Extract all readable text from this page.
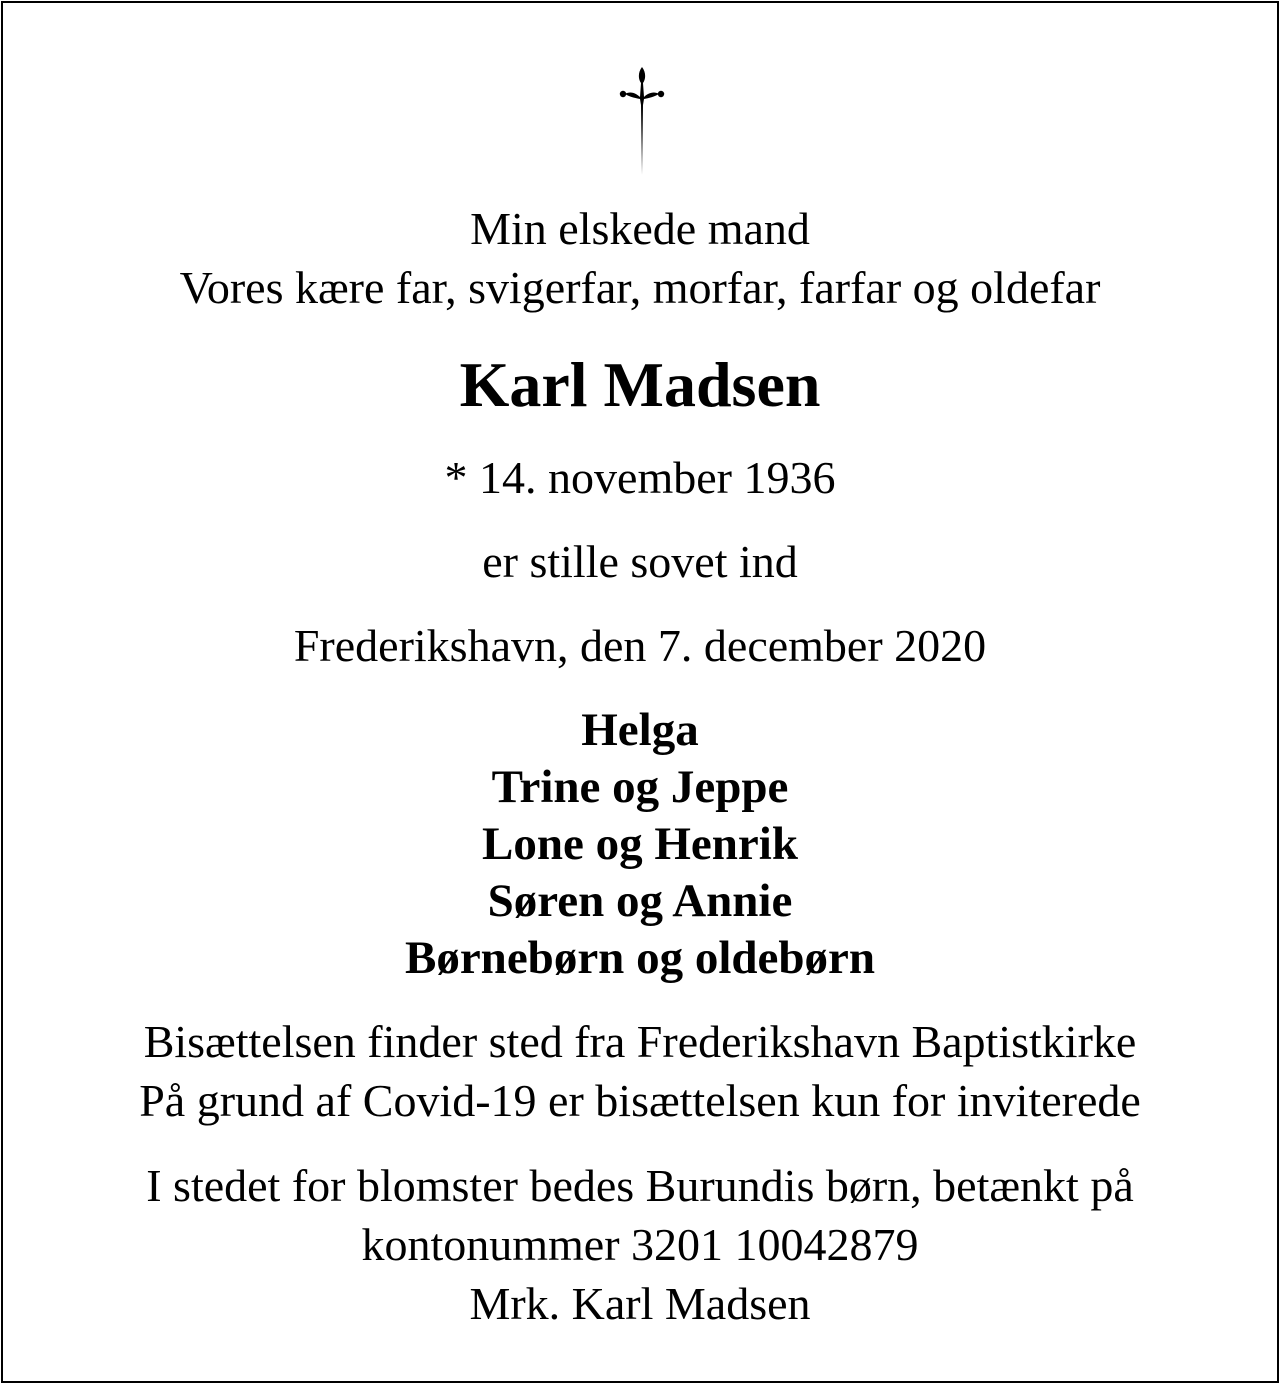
Min elskede mand
Vores kære far, svigerfar, morfar, farfar og oldefar
Karl Madsen
* 14. november 1936
er stille sovet ind
Frederikshavn, den 7. december 2020
Helga
Trine og Jeppe
Lone og Henrik
Søren og Annie
Børnebørn og oldebørn
Bisættelsen finder sted fra Frederikshavn Baptistkirke
På grund af Covid-19 er bisættelsen kun for inviterede
I stedet for blomster bedes Burundis børn, betænkt på
kontonummer 3201 10042879
Mrk. Karl Madsen
